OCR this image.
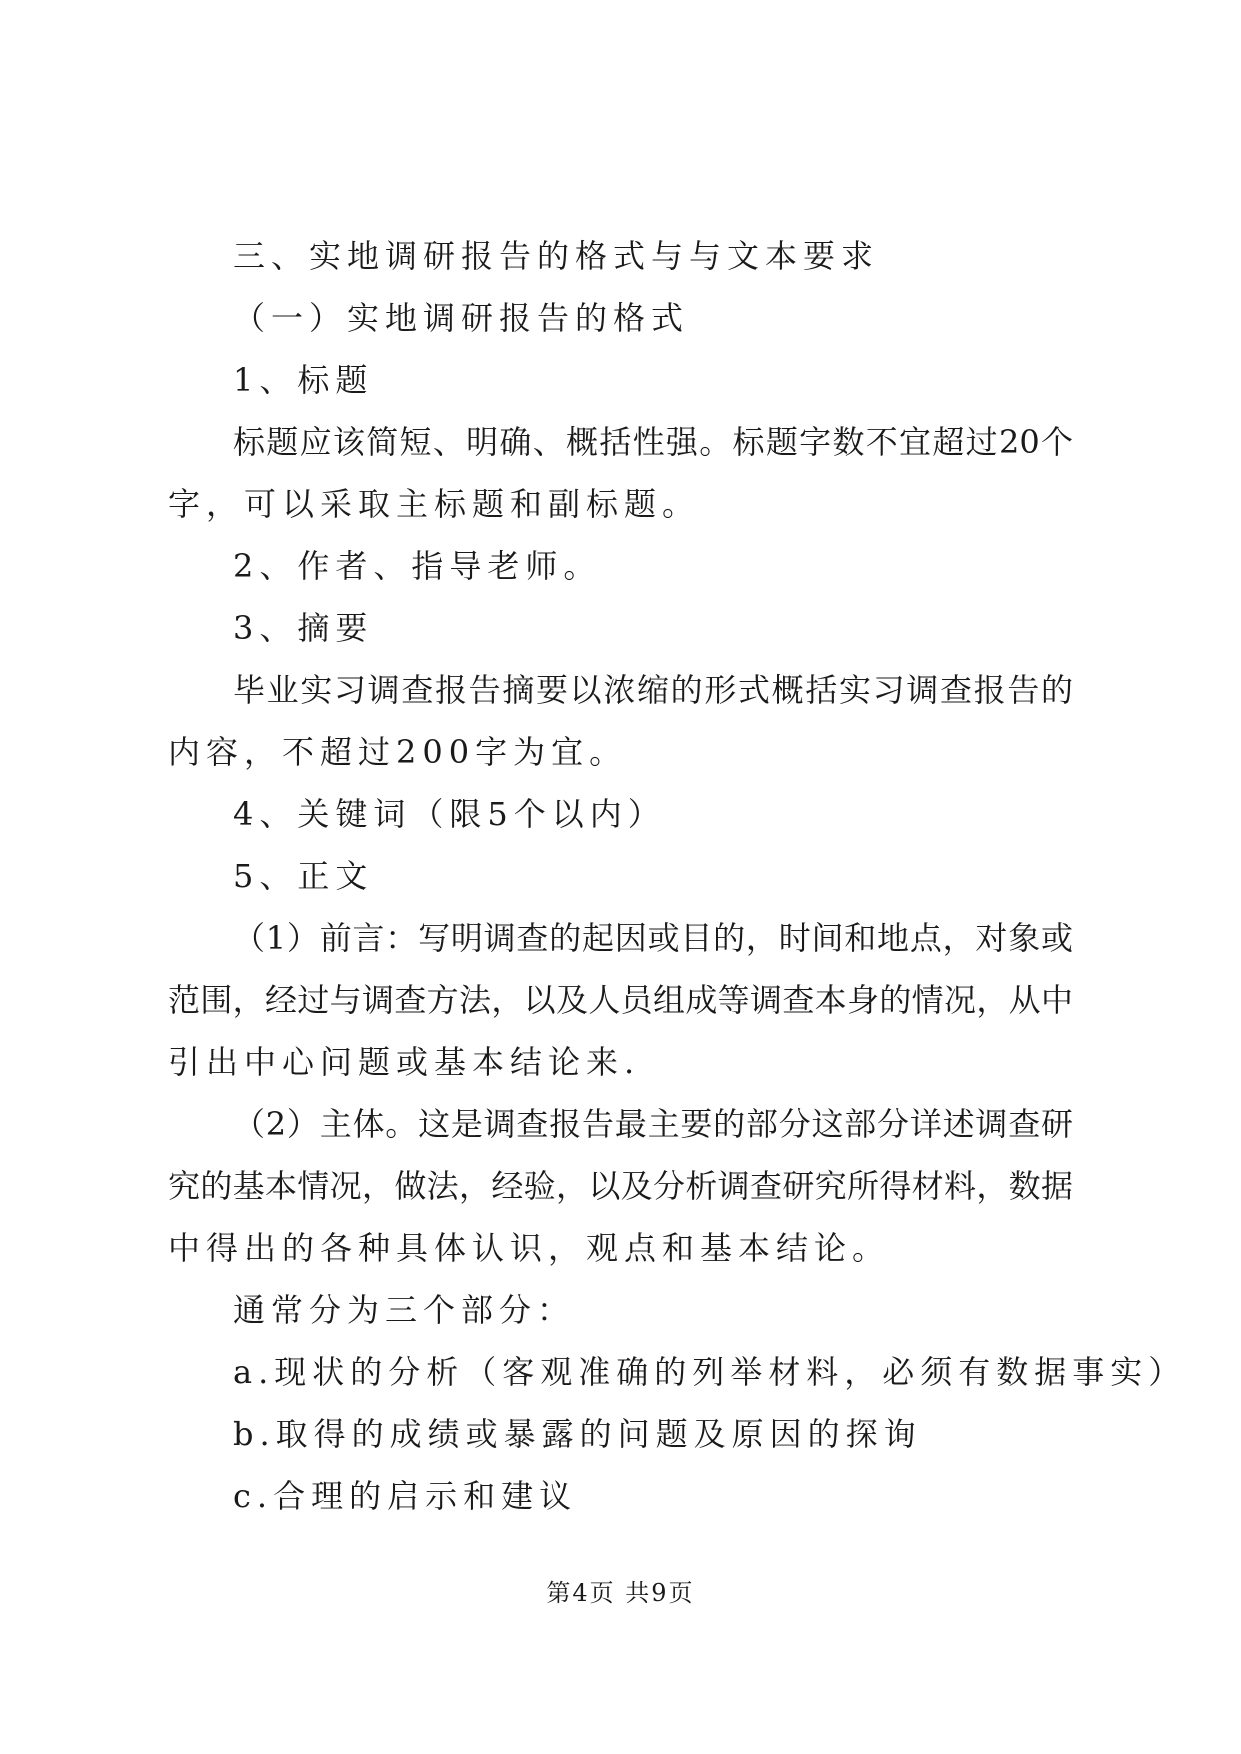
三、实地调研报告的格式与与文本要求
（一）实地调研报告的格式
1、标题
标题应该简短、明确、概括性强。标题字数不宜超过20个
字，可以采取主标题和副标题。
2、作者、指导老师。
3、摘要
毕业实习调查报告摘要以浓缩的形式概括实习调查报告的
内容，不超过200字为宜。
4、关键词（限5个以内）
5、正文
（1）前言：写明调查的起因或目的，时间和地点，对象或
范围，经过与调查方法，以及人员组成等调查本身的情况，从中
引出中心问题或基本结论来.
（2）主体。这是调查报告最主要的部分这部分详述调查研
究的基本情况，做法，经验，以及分析调查研究所得材料，数据
中得出的各种具体认识，观点和基本结论。
通常分为三个部分：
a.现状的分析（客观准确的列举材料，必须有数据事实）
b.取得的成绩或暴露的问题及原因的探询
c.合理的启示和建议
第4页 共9页
